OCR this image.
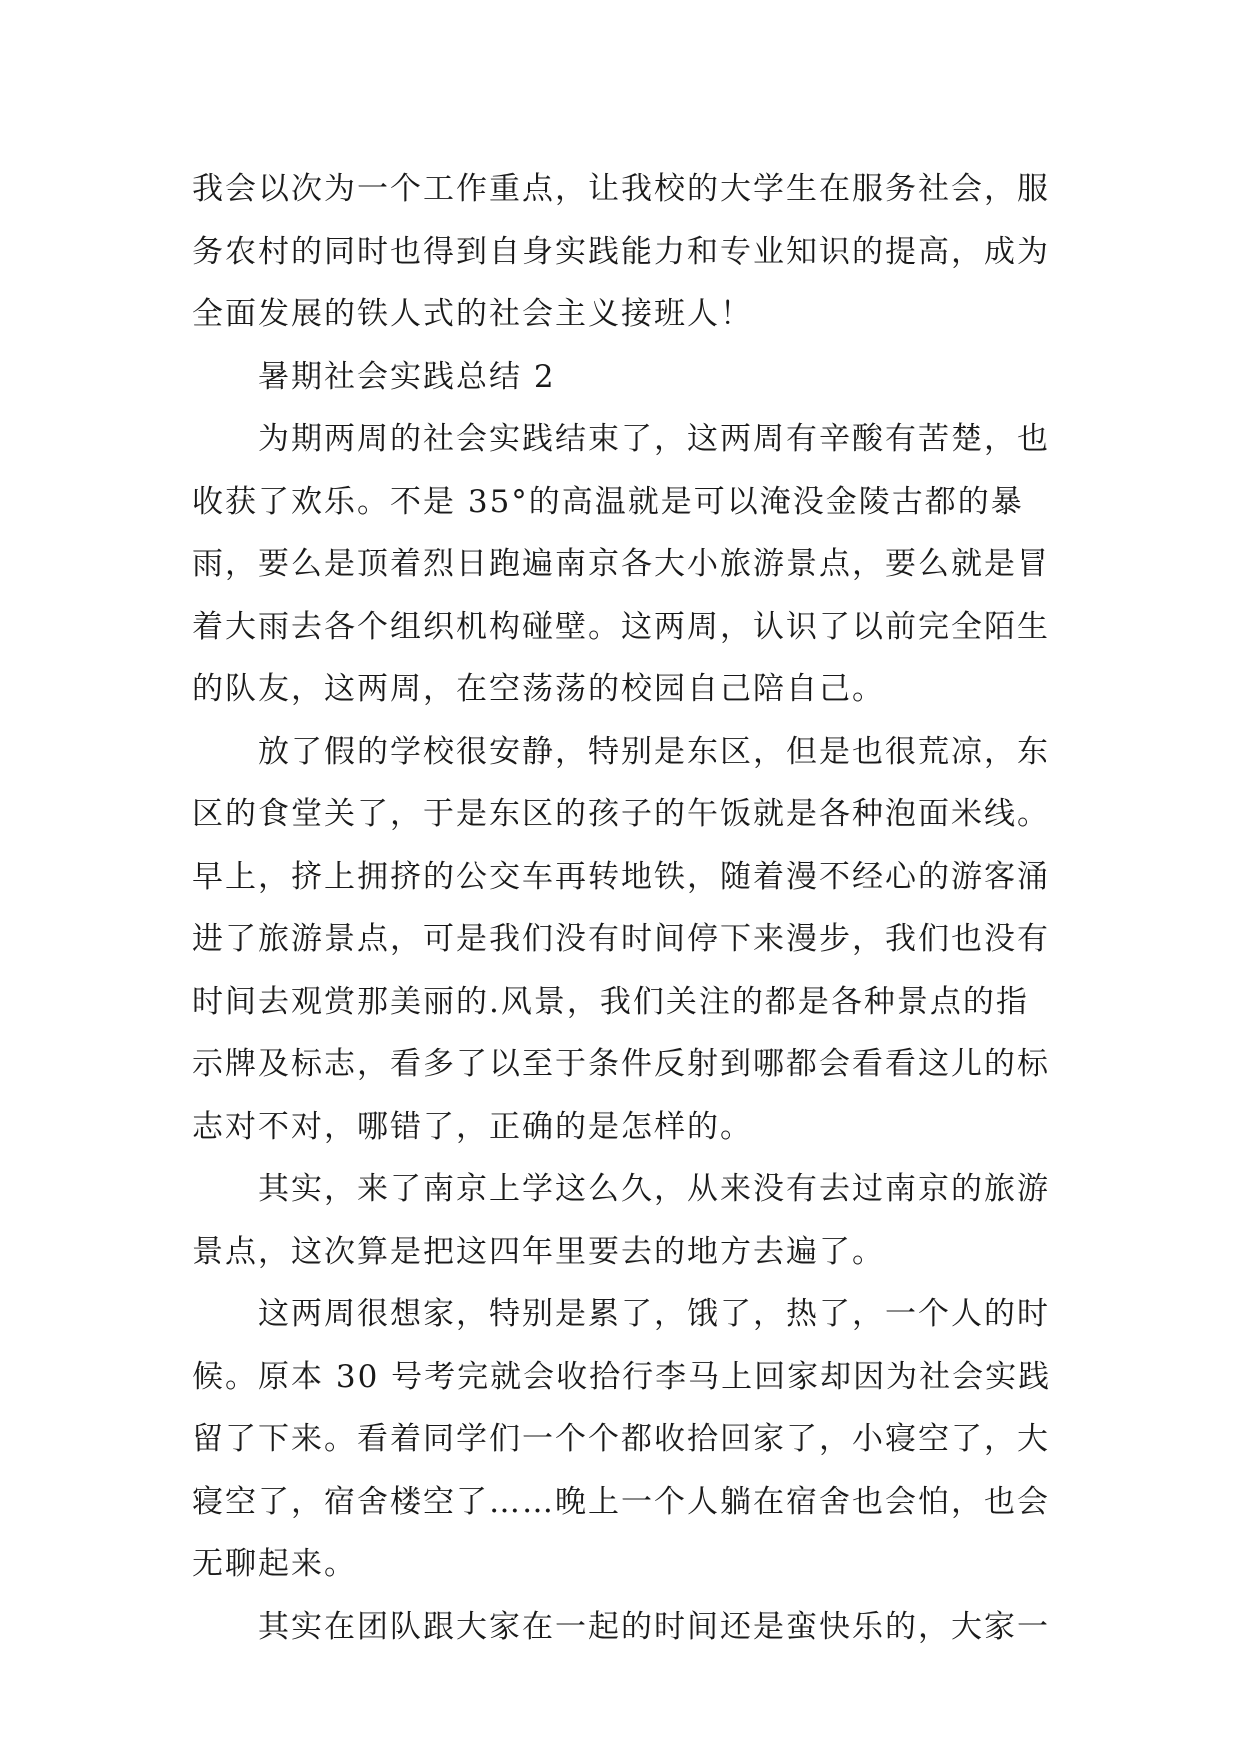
我会以次为一个工作重点，让我校的大学生在服务社会，服
务农村的同时也得到自身实践能力和专业知识的提高，成为
全面发展的铁人式的社会主义接班人！
暑期社会实践总结 2
为期两周的社会实践结束了，这两周有辛酸有苦楚，也
收获了欢乐。不是 35°的高温就是可以淹没金陵古都的暴
雨，要么是顶着烈日跑遍南京各大小旅游景点，要么就是冒
着大雨去各个组织机构碰壁。这两周，认识了以前完全陌生
的队友，这两周，在空荡荡的校园自己陪自己。
放了假的学校很安静，特别是东区，但是也很荒凉，东
区的食堂关了，于是东区的孩子的午饭就是各种泡面米线。
早上，挤上拥挤的公交车再转地铁，随着漫不经心的游客涌
进了旅游景点，可是我们没有时间停下来漫步，我们也没有
时间去观赏那美丽的.风景，我们关注的都是各种景点的指
示牌及标志，看多了以至于条件反射到哪都会看看这儿的标
志对不对，哪错了，正确的是怎样的。
其实，来了南京上学这么久，从来没有去过南京的旅游
景点，这次算是把这四年里要去的地方去遍了。
这两周很想家，特别是累了，饿了，热了，一个人的时
候。原本 30 号考完就会收拾行李马上回家却因为社会实践
留了下来。看着同学们一个个都收拾回家了，小寝空了，大
寝空了，宿舍楼空了……晚上一个人躺在宿舍也会怕，也会
无聊起来。
其实在团队跟大家在一起的时间还是蛮快乐的，大家一
